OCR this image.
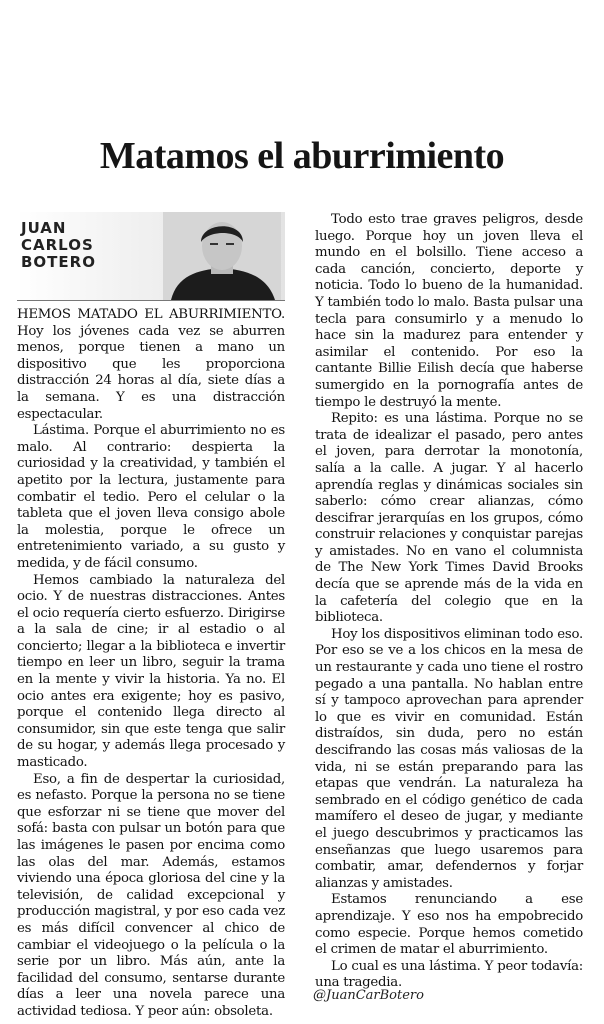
Matamos el aburrimiento
JUAN
CARLOS
BOTERO

HEMOS MATADO EL ABURRIMIENTO. Hoy los jóvenes cada vez se aburren menos, porque tienen a mano un dispositivo que les proporciona distracción 24 horas al día, siete días a la semana. Y es una distracción espectacular.

Lástima. Porque el aburrimiento no es malo. Al contrario: despierta la curiosidad y la creatividad, y también el apetito por la lectura, justamente para combatir el tedio. Pero el celular o la tableta que el joven lleva consigo abole la molestia, porque le ofrece un entretenimiento variado, a su gusto y medida, y de fácil consumo.

Hemos cambiado la naturaleza del ocio. Y de nuestras distracciones. Antes el ocio requería cierto esfuerzo. Dirigirse a la sala de cine; ir al estadio o al concierto; llegar a la biblioteca e invertir tiempo en leer un libro, seguir la trama en la mente y vivir la historia. Ya no. El ocio antes era exigente; hoy es pasivo, porque el contenido llega directo al consumidor, sin que este tenga que salir de su hogar, y además llega procesado y masticado.

Eso, a fin de despertar la curiosidad, es nefasto. Porque la persona no se tiene que esforzar ni se tiene que mover del sofá: basta con pulsar un botón para que las imágenes le pasen por encima como las olas del mar. Además, estamos viviendo una época gloriosa del cine y la televisión, de calidad excepcional y producción magistral, y por eso cada vez es más difícil convencer al chico de cambiar el videojuego o la película o la serie por un libro. Más aún, ante la facilidad del consumo, sentarse durante días a leer una novela parece una actividad tediosa. Y peor aún: obsoleta.

Todo esto trae graves peligros, desde luego. Porque hoy un joven lleva el mundo en el bolsillo. Tiene acceso a cada canción, concierto, deporte y noticia. Todo lo bueno de la humanidad. Y también todo lo malo. Basta pulsar una tecla para consumirlo y a menudo lo hace sin la madurez para entender y asimilar el contenido. Por eso la cantante Billie Eilish decía que haberse sumergido en la pornografía antes de tiempo le destruyó la mente.

Repito: es una lástima. Porque no se trata de idealizar el pasado, pero antes el joven, para derrotar la monotonía, salía a la calle. A jugar. Y al hacerlo aprendía reglas y dinámicas sociales sin saberlo: cómo crear alianzas, cómo descifrar jerarquías en los grupos, cómo construir relaciones y conquistar parejas y amistades. No en vano el columnista de The New York Times David Brooks decía que se aprende más de la vida en la cafetería del colegio que en la biblioteca.

Hoy los dispositivos eliminan todo eso. Por eso se ve a los chicos en la mesa de un restaurante y cada uno tiene el rostro pegado a una pantalla. No hablan entre sí y tampoco aprovechan para aprender lo que es vivir en comunidad. Están distraídos, sin duda, pero no están descifrando las cosas más valiosas de la vida, ni se están preparando para las etapas que vendrán. La naturaleza ha sembrado en el código genético de cada mamífero el deseo de jugar, y mediante el juego descubrimos y practicamos las enseñanzas que luego usaremos para combatir, amar, defendernos y forjar alianzas y amistades.

Estamos renunciando a ese aprendizaje. Y eso nos ha empobrecido como especie. Porque hemos cometido el crimen de matar el aburrimiento.

Lo cual es una lástima. Y peor todavía: una tragedia.

@JuanCarBotero
